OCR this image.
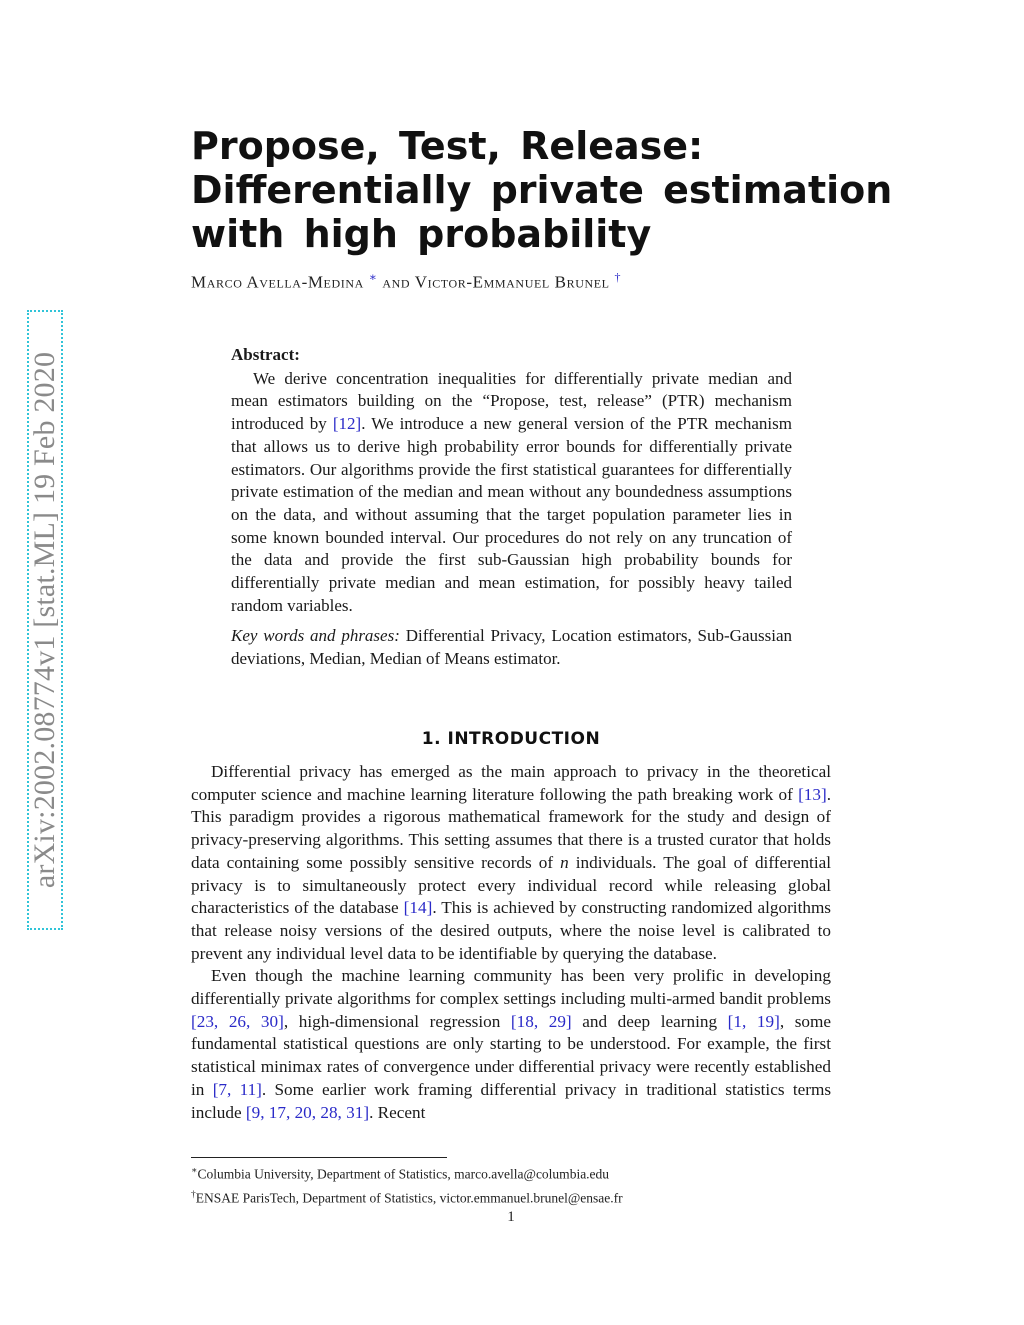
arXiv:2002.08774v1 [stat.ML] 19 Feb 2020
Propose, Test, Release:
Differentially private estimation
with high probability
Marco Avella-Medina ∗ and Victor-Emmanuel Brunel †
Abstract:
We derive concentration inequalities for differentially private median and mean estimators building on the “Propose, test, release” (PTR) mechanism introduced by [12]. We introduce a new general version of the PTR mechanism that allows us to derive high probability error bounds for differentially private estimators. Our algorithms provide the first statistical guarantees for differentially private estimation of the median and mean without any boundedness assumptions on the data, and without assuming that the target population parameter lies in some known bounded interval. Our procedures do not rely on any truncation of the data and provide the first sub-Gaussian high probability bounds for differentially private median and mean estimation, for possibly heavy tailed random variables.
Key words and phrases: Differential Privacy, Location estimators, Sub-Gaussian deviations, Median, Median of Means estimator.
1. INTRODUCTION

Differential privacy has emerged as the main approach to privacy in the theoretical computer science and machine learning literature following the path breaking work of [13]. This paradigm provides a rigorous mathematical framework for the study and design of privacy-preserving algorithms. This setting assumes that there is a trusted curator that holds data containing some possibly sensitive records of n individuals. The goal of differential privacy is to simultaneously protect every individual record while releasing global characteristics of the database [14]. This is achieved by constructing randomized algorithms that release noisy versions of the desired outputs, where the noise level is calibrated to prevent any individual level data to be identifiable by querying the database.

Even though the machine learning community has been very prolific in developing differentially private algorithms for complex settings including multi-armed bandit problems [23, 26, 30], high-dimensional regression [18, 29] and deep learning [1, 19], some fundamental statistical questions are only starting to be understood. For example, the first statistical minimax rates of convergence under differential privacy were recently established in [7, 11]. Some earlier work framing differential privacy in traditional statistics terms include [9, 17, 20, 28, 31]. Recent

∗Columbia University, Department of Statistics, marco.avella@columbia.edu
†ENSAE ParisTech, Department of Statistics, victor.emmanuel.brunel@ensae.fr
1
